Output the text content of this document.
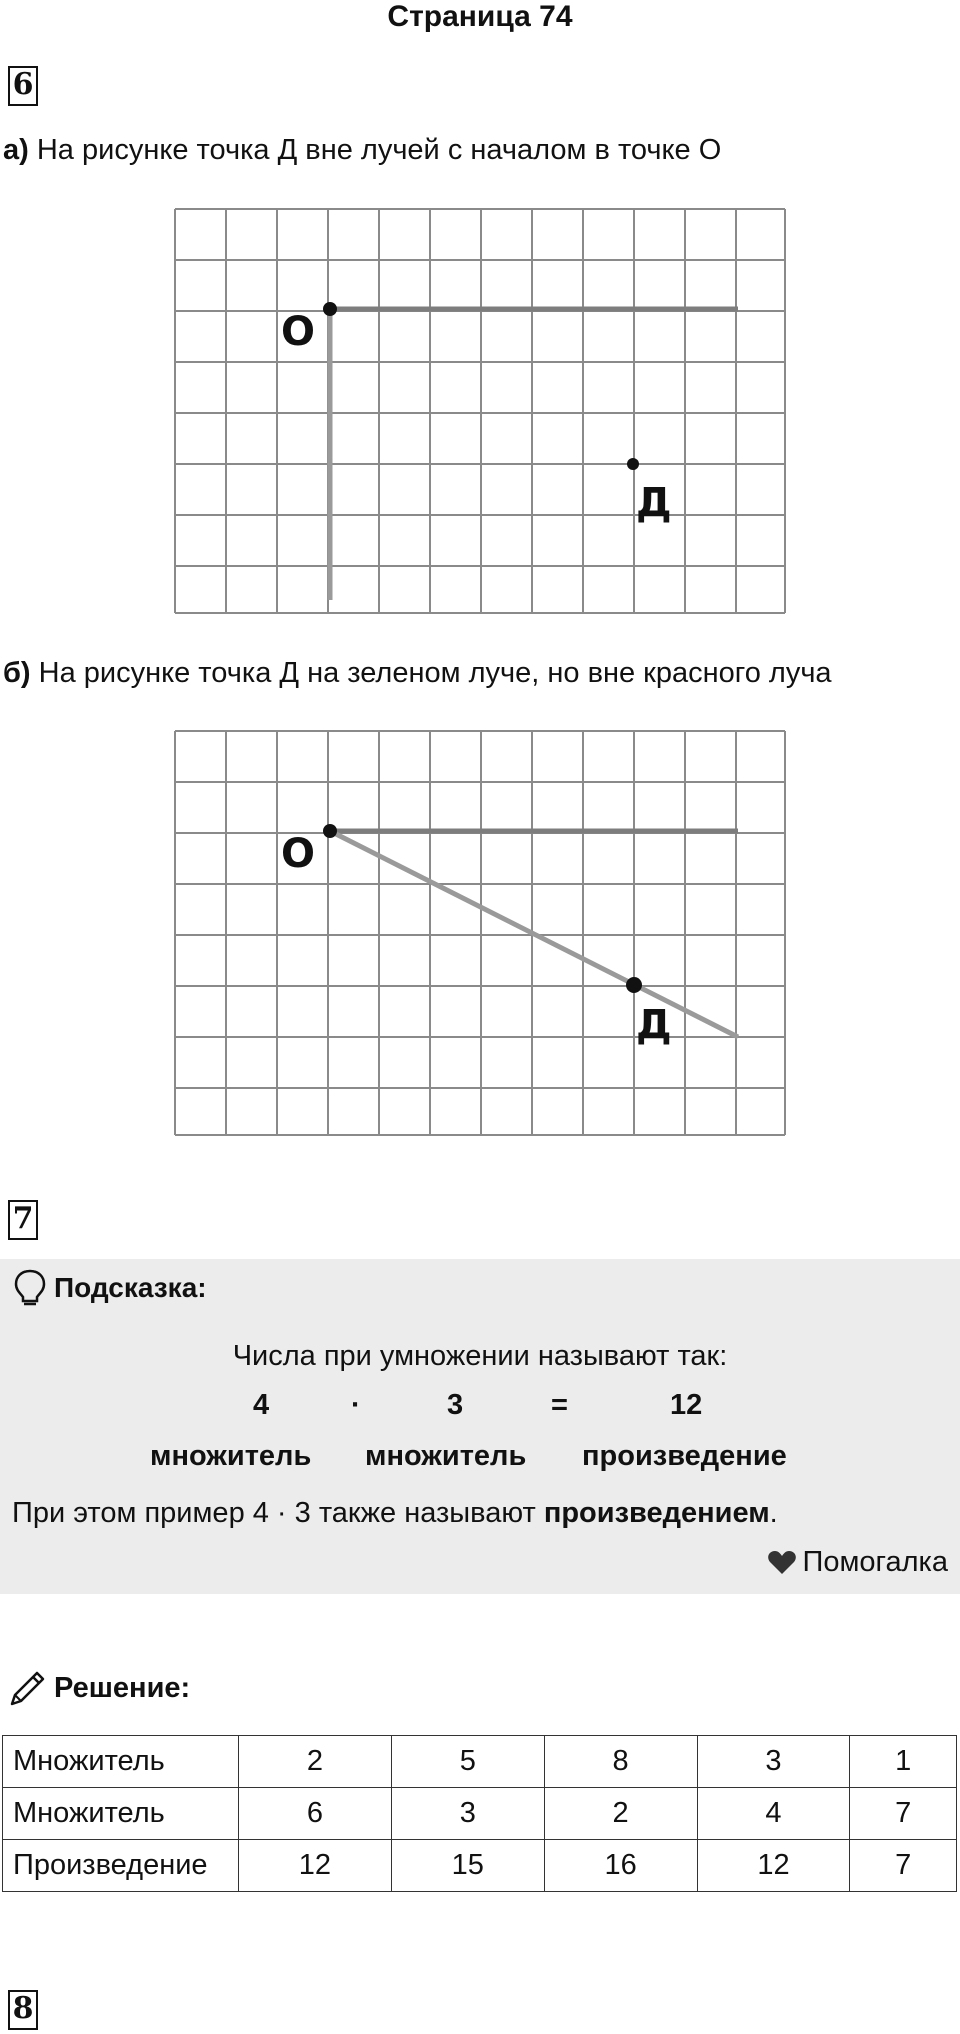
Страница 74
6
а) На рисунке точка Д вне лучей с началом в точке О
О
Д
б) На рисунке точка Д на зеленом луче, но вне красного луча
О
Д
7
Подсказка:
Числа при умножении называют так:
4	·	3	=	12
множитель множитель произведение
При этом пример 4 · 3 также называют произведением.
Помогалка
Решение:
Множитель	2	5	8	3	1
Множитель	6	3	2	4	7
Произведение	12	15	16	12	7
8
